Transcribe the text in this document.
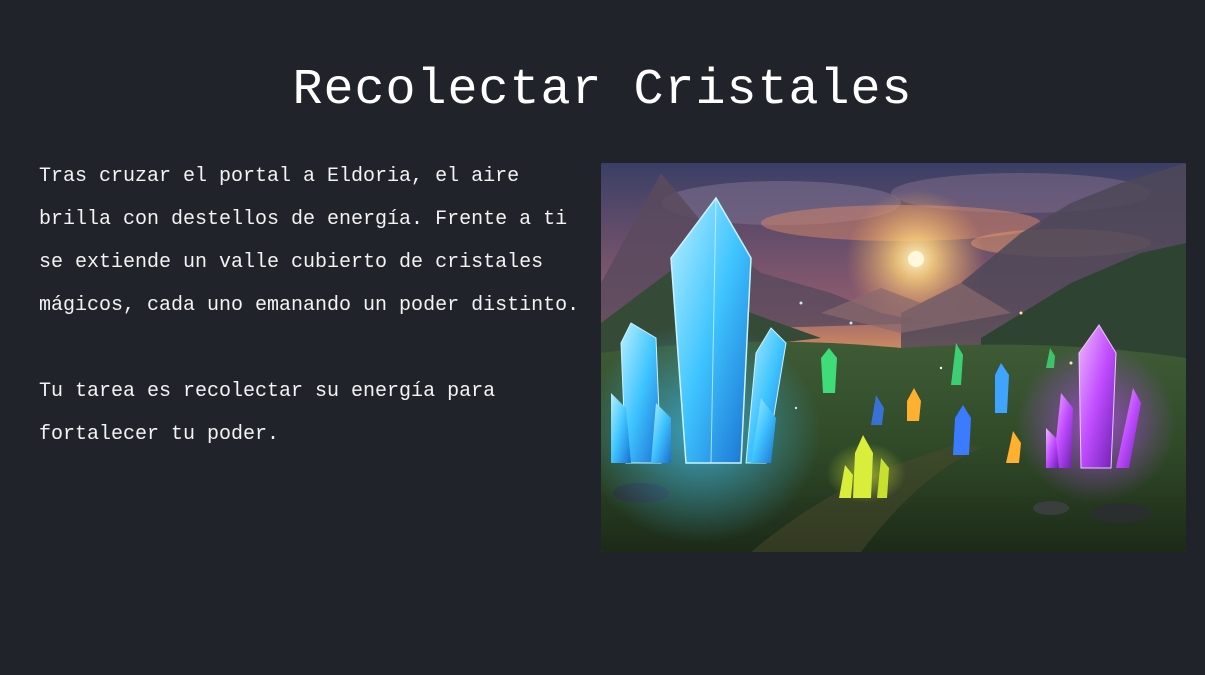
Recolectar Cristales

Tras cruzar el portal a Eldoria, el aire brilla con destellos de energía. Frente a ti se extiende un valle cubierto de cristales mágicos, cada uno emanando un poder distinto.

Tu tarea es recolectar su energía para fortalecer tu poder.
